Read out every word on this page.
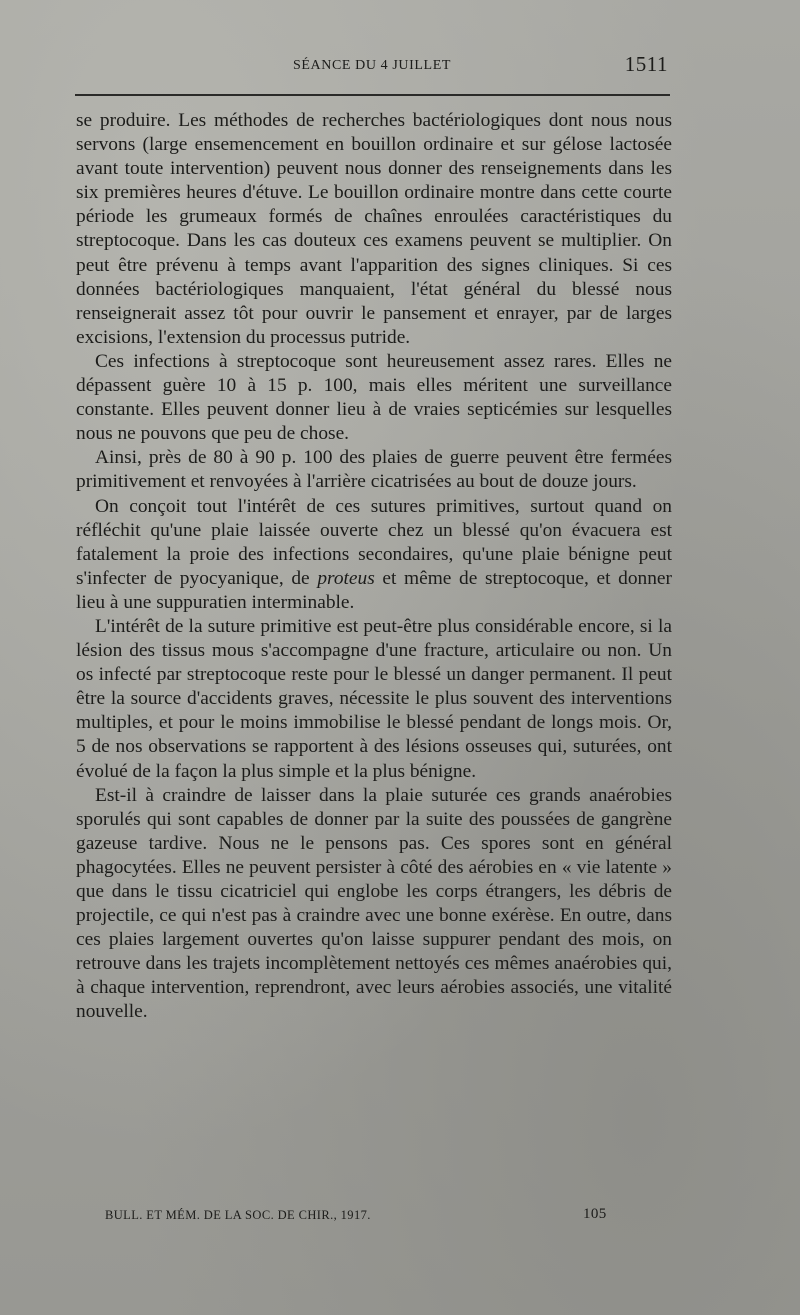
SÉANCE DU 4 JUILLET	1511

se produire. Les méthodes de recherches bactériologiques dont nous nous servons (large ensemencement en bouillon ordinaire et sur gélose lactosée avant toute intervention) peuvent nous donner des renseignements dans les six premières heures d'étuve. Le bouillon ordinaire montre dans cette courte période les grumeaux formés de chaînes enroulées caractéristiques du streptocoque. Dans les cas douteux ces examens peuvent se multiplier. On peut être prévenu à temps avant l'apparition des signes cliniques. Si ces données bactériologiques manquaient, l'état général du blessé nous renseignerait assez tôt pour ouvrir le pansement et enrayer, par de larges excisions, l'extension du processus putride.

Ces infections à streptocoque sont heureusement assez rares. Elles ne dépassent guère 10 à 15 p. 100, mais elles méritent une surveillance constante. Elles peuvent donner lieu à de vraies septicémies sur lesquelles nous ne pouvons que peu de chose.

Ainsi, près de 80 à 90 p. 100 des plaies de guerre peuvent être fermées primitivement et renvoyées à l'arrière cicatrisées au bout de douze jours.

On conçoit tout l'intérêt de ces sutures primitives, surtout quand on réfléchit qu'une plaie laissée ouverte chez un blessé qu'on évacuera est fatalement la proie des infections secondaires, qu'une plaie bénigne peut s'infecter de pyocyanique, de proteus et même de streptocoque, et donner lieu à une suppuratien interminable.

L'intérêt de la suture primitive est peut-être plus considérable encore, si la lésion des tissus mous s'accompagne d'une fracture, articulaire ou non. Un os infecté par streptocoque reste pour le blessé un danger permanent. Il peut être la source d'accidents graves, nécessite le plus souvent des interventions multiples, et pour le moins immobilise le blessé pendant de longs mois. Or, 5 de nos observations se rapportent à des lésions osseuses qui, suturées, ont évolué de la façon la plus simple et la plus bénigne.

Est-il à craindre de laisser dans la plaie suturée ces grands anaérobies sporulés qui sont capables de donner par la suite des poussées de gangrène gazeuse tardive. Nous ne le pensons pas. Ces spores sont en général phagocytées. Elles ne peuvent persister à côté des aérobies en « vie latente » que dans le tissu cicatriciel qui englobe les corps étrangers, les débris de projectile, ce qui n'est pas à craindre avec une bonne exérèse. En outre, dans ces plaies largement ouvertes qu'on laisse suppurer pendant des mois, on retrouve dans les trajets incomplètement nettoyés ces mêmes anaérobies qui, à chaque intervention, reprendront, avec leurs aérobies associés, une vitalité nouvelle.

BULL. ET MÉM. DE LA SOC. DE CHIR., 1917.	105
